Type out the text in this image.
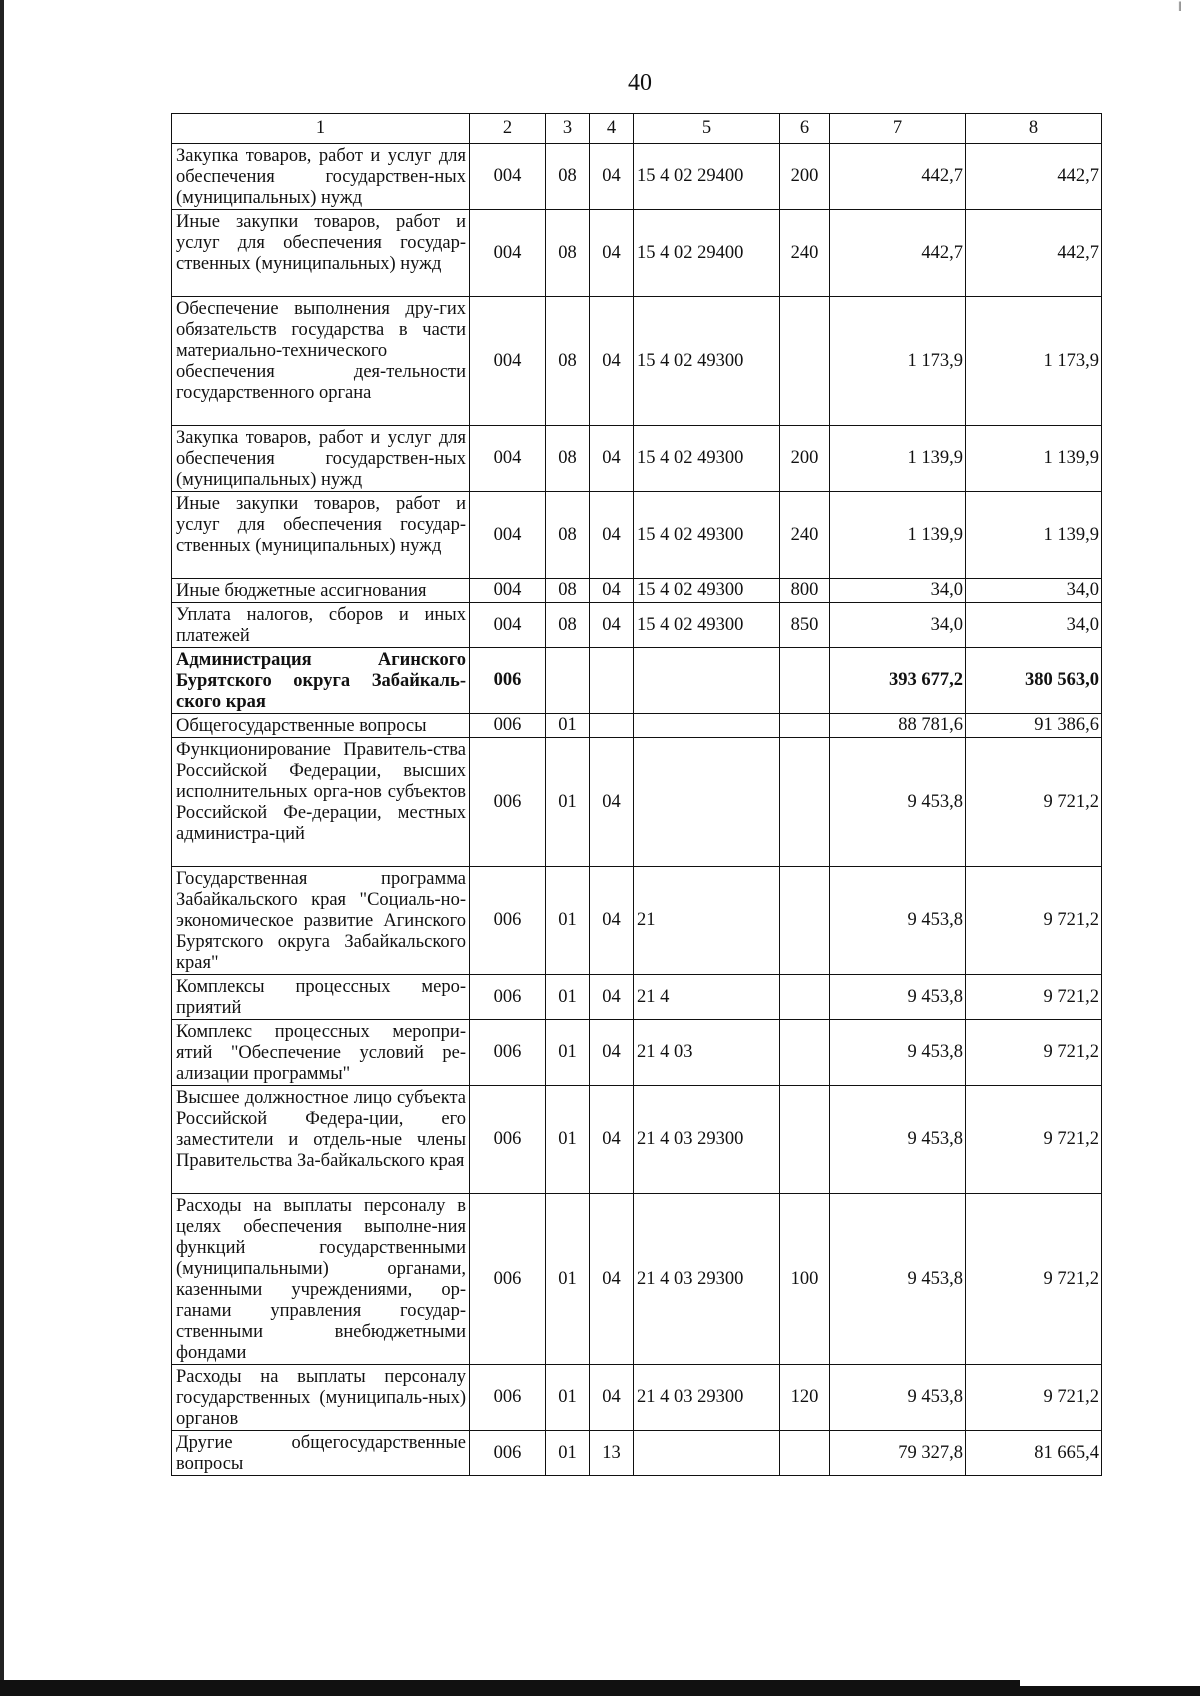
ǁ
40
1	2	3	4	5	6	7	8
Закупка товаров, работ и услуг для обеспечения государствен-ных (муниципальных) нужд	004	08	04	15 4 02 29400	200	442,7	442,7
Иные закупки товаров, работ и услуг для обеспечения государ-ственных (муниципальных) нужд	004	08	04	15 4 02 29400	240	442,7	442,7
Обеспечение выполнения дру-гих обязательств государства в части материально-технического обеспечения дея-тельности государственного органа	004	08	04	15 4 02 49300		1 173,9	1 173,9
Закупка товаров, работ и услуг для обеспечения государствен-ных (муниципальных) нужд	004	08	04	15 4 02 49300	200	1 139,9	1 139,9
Иные закупки товаров, работ и услуг для обеспечения государ-ственных (муниципальных) нужд	004	08	04	15 4 02 49300	240	1 139,9	1 139,9
Иные бюджетные ассигнования	004	08	04	15 4 02 49300	800	34,0	34,0
Уплата налогов, сборов и иных платежей	004	08	04	15 4 02 49300	850	34,0	34,0
Администрация Агинского Бурятского округа Забайкаль-ского края	006					393 677,2	380 563,0
Общегосударственные вопросы	006	01				88 781,6	91 386,6
Функционирование Правитель-ства Российской Федерации, высших исполнительных орга-нов субъектов Российской Фе-дерации, местных администра-ций	006	01	04			9 453,8	9 721,2
Государственная программа Забайкальского края "Социаль-но-экономическое развитие Агинского Бурятского округа Забайкальского края"	006	01	04	21		9 453,8	9 721,2
Комплексы процессных меро-приятий	006	01	04	21 4		9 453,8	9 721,2
Комплекс процессных меропри-ятий "Обеспечение условий ре-ализации программы"	006	01	04	21 4 03		9 453,8	9 721,2
Высшее должностное лицо субъекта Российской Федера-ции, его заместители и отдель-ные члены Правительства За-байкальского края	006	01	04	21 4 03 29300		9 453,8	9 721,2
Расходы на выплаты персоналу в целях обеспечения выполне-ния функций государственными (муниципальными) органами, казенными учреждениями, ор-ганами управления государ-ственными внебюджетными фондами	006	01	04	21 4 03 29300	100	9 453,8	9 721,2
Расходы на выплаты персоналу государственных (муниципаль-ных) органов	006	01	04	21 4 03 29300	120	9 453,8	9 721,2
Другие общегосударственные вопросы	006	01	13			79 327,8	81 665,4
